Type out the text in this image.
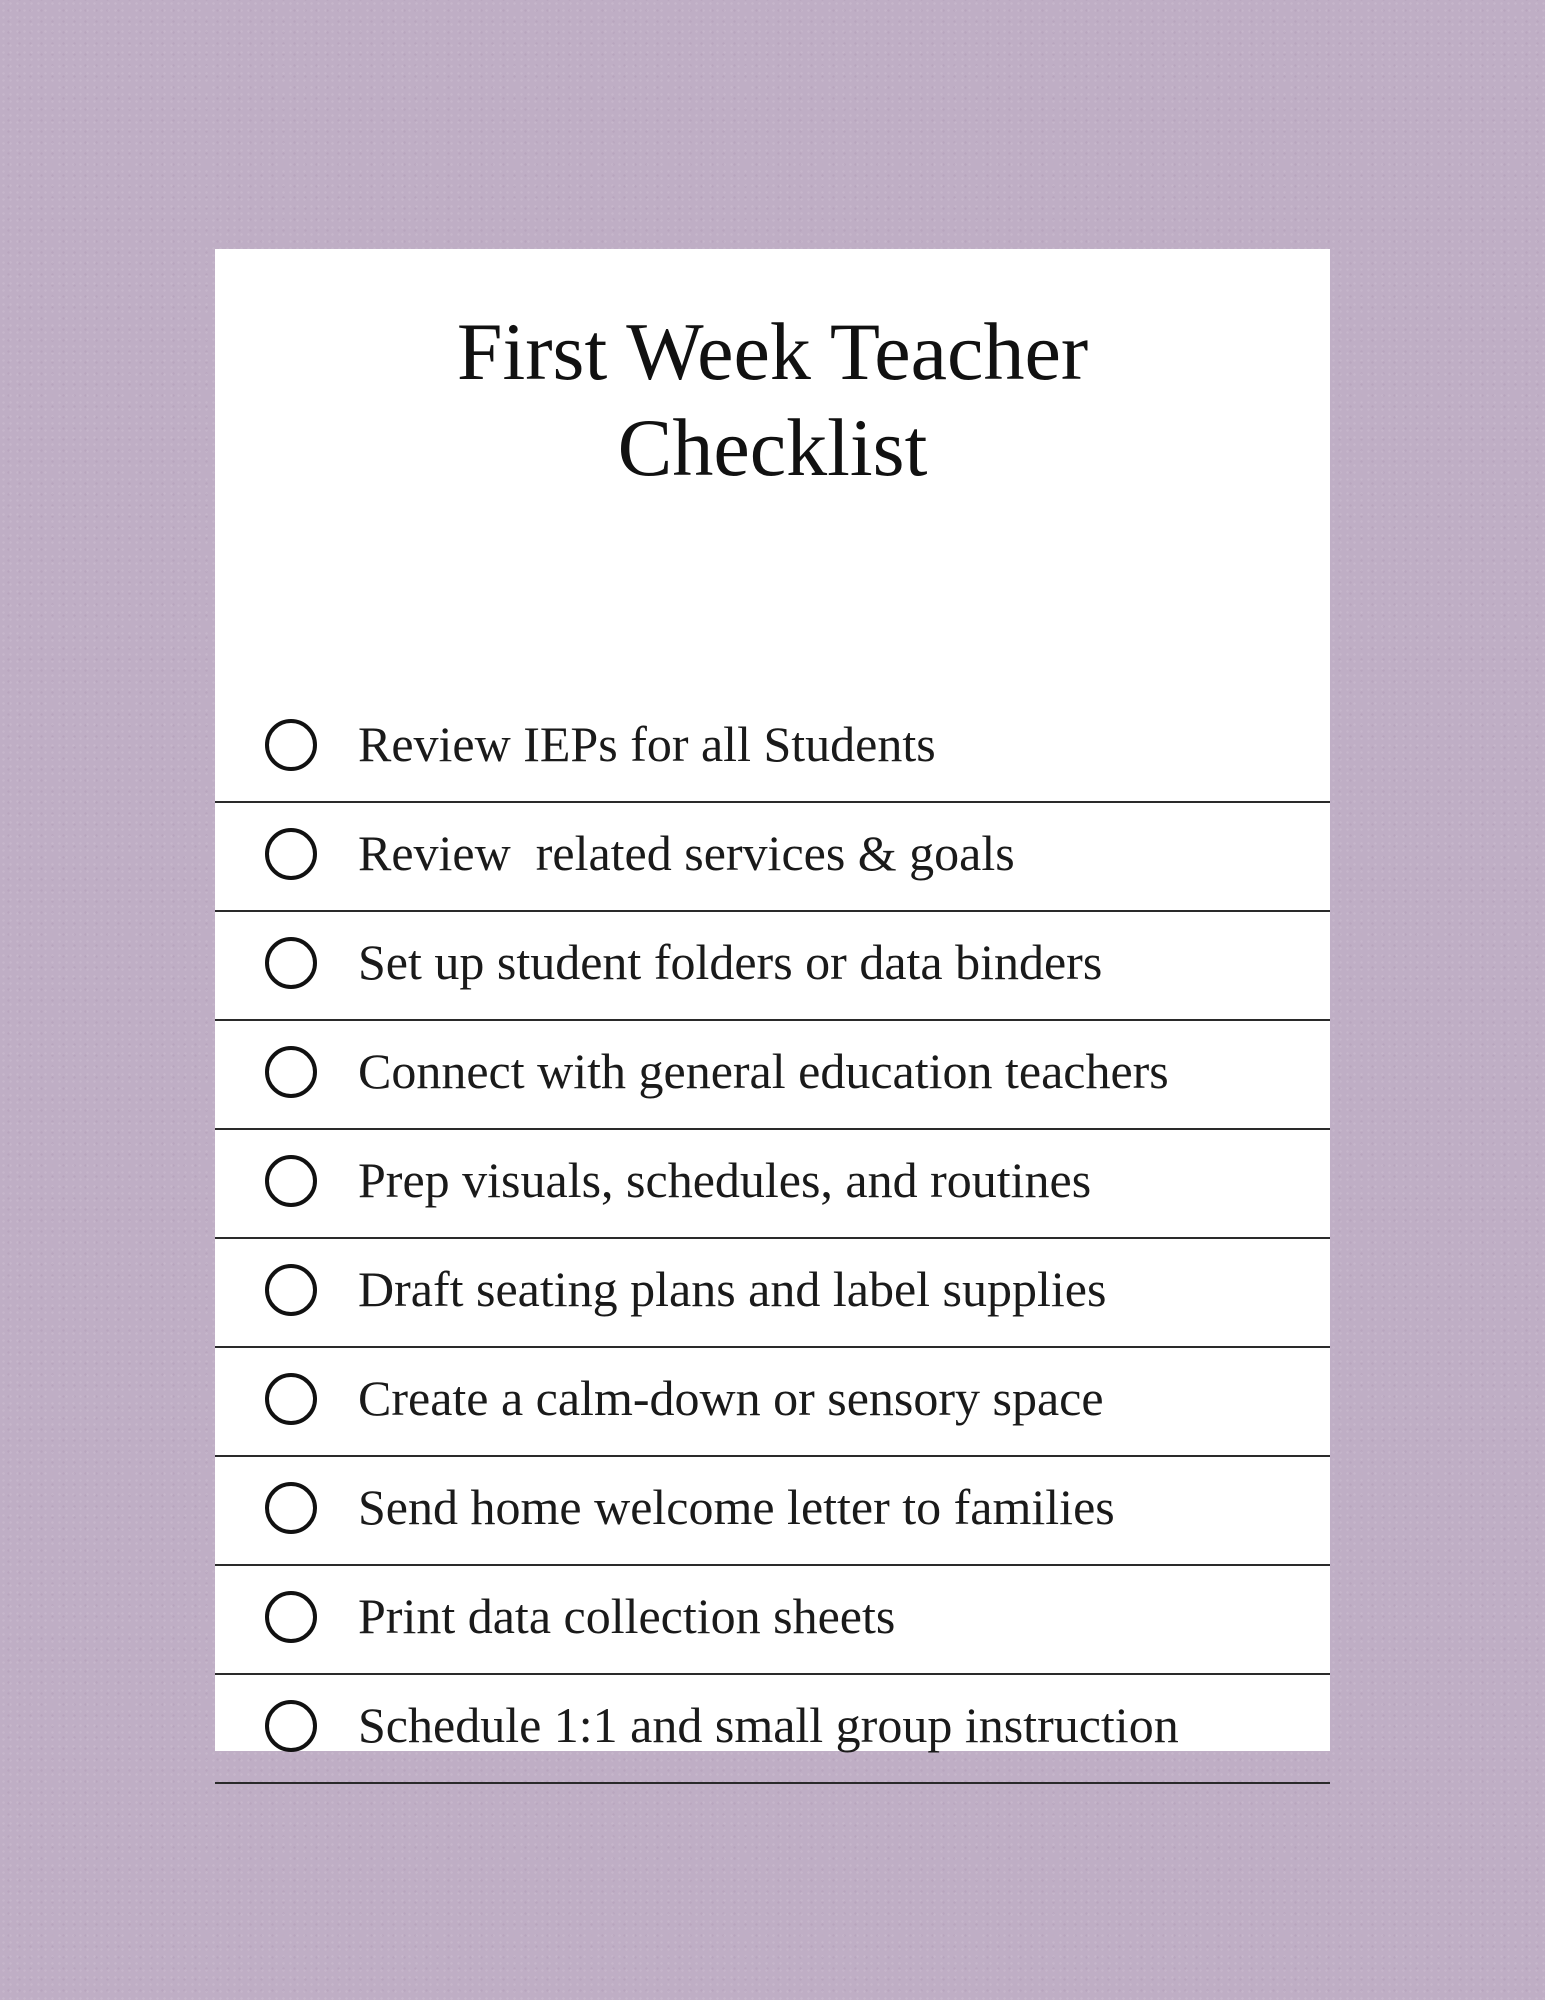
First Week Teacher
Checklist
Review IEPs for all Students
Review  related services & goals
Set up student folders or data binders
Connect with general education teachers
Prep visuals, schedules, and routines
Draft seating plans and label supplies
Create a calm-down or sensory space
Send home welcome letter to families
Print data collection sheets
Schedule 1:1 and small group instruction
